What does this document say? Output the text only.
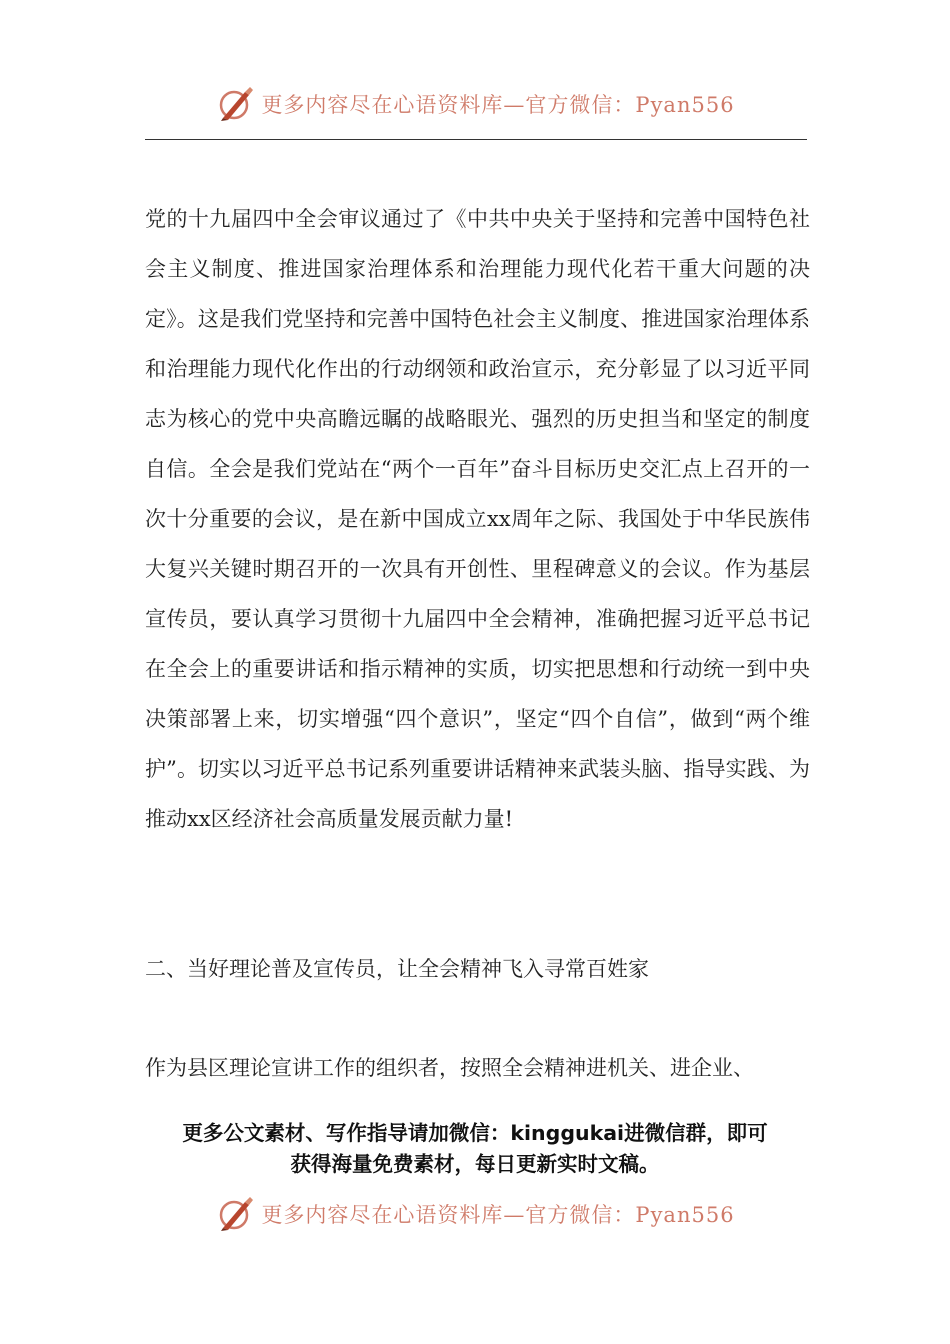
更多内容尽在心语资料库—官方微信：Pyan556

党的十九届四中全会审议通过了《中共中央关于坚持和完善中国特色社会主义制度、推进国家治理体系和治理能力现代化若干重大问题的决定》。这是我们党坚持和完善中国特色社会主义制度、推进国家治理体系和治理能力现代化作出的行动纲领和政治宣示，充分彰显了以习近平同志为核心的党中央高瞻远瞩的战略眼光、强烈的历史担当和坚定的制度自信。全会是我们党站在“两个一百年”奋斗目标历史交汇点上召开的一次十分重要的会议，是在新中国成立xx周年之际、我国处于中华民族伟大复兴关键时期召开的一次具有开创性、里程碑意义的会议。作为基层宣传员，要认真学习贯彻十九届四中全会精神，准确把握习近平总书记在全会上的重要讲话和指示精神的实质，切实把思想和行动统一到中央决策部署上来，切实增强“四个意识”，坚定“四个自信”，做到“两个维护”。切实以习近平总书记系列重要讲话精神来武装头脑、指导实践、为推动xx区经济社会高质量发展贡献力量!

二、当好理论普及宣传员，让全会精神飞入寻常百姓家

作为县区理论宣讲工作的组织者，按照全会精神进机关、进企业、

更多公文素材、写作指导请加微信：kinggukai进微信群，即可
获得海量免费素材，每日更新实时文稿。
更多内容尽在心语资料库—官方微信：Pyan556
